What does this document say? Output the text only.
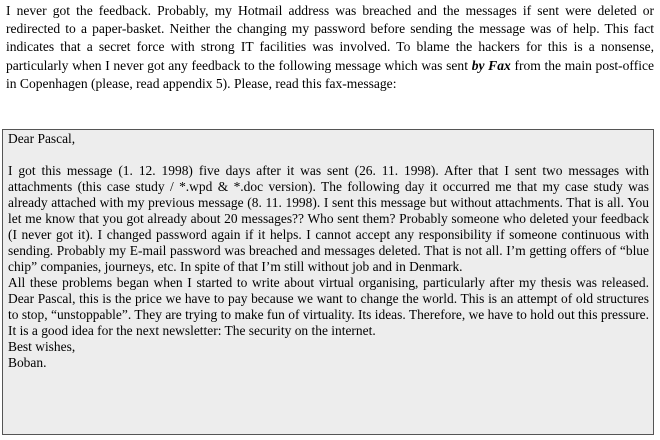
I never got the feedback. Probably, my Hotmail address was breached and the messages if sent were deleted or redirected to a paper-basket. Neither the changing my password before sending the message was of help. This fact indicates that a secret force with strong IT facilities was involved. To blame the hackers for this is a nonsense, particularly when I never got any feedback to the following message which was sent by Fax from the main post-office in Copenhagen (please, read appendix 5). Please, read this fax-message:

Dear Pascal,

I got this message (1. 12. 1998) five days after it was sent (26. 11. 1998). After that I sent two messages with attachments (this case study / *.wpd & *.doc version). The following day it occurred me that my case study was already attached with my previous message (8. 11. 1998). I sent this message but without attachments. That is all. You let me know that you got already about 20 messages?? Who sent them? Probably someone who deleted your feedback (I never got it). I changed password again if it helps. I cannot accept any responsibility if someone continuous with sending. Probably my E-mail password was breached and messages deleted. That is not all. I’m getting offers of “blue chip” companies, journeys, etc. In spite of that I’m still without job and in Denmark.

All these problems began when I started to write about virtual organising, particularly after my thesis was released. Dear Pascal, this is the price we have to pay because we want to change the world. This is an attempt of old structures to stop, “unstoppable”. They are trying to make fun of virtuality. Its ideas. Therefore, we have to hold out this pressure. It is a good idea for the next newsletter: The security on the internet.

Best wishes,

Boban.
